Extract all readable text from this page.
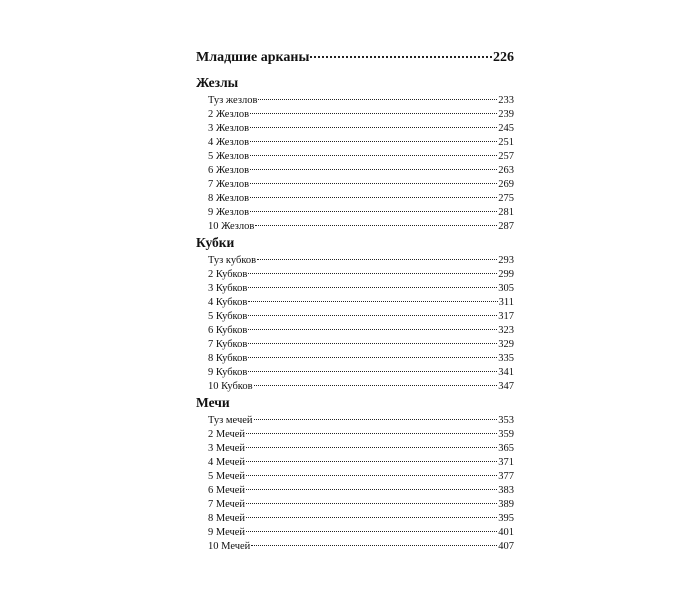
Младшие арканы	226
Жезлы
Туз жезлов	233
2 Жезлов	239
3 Жезлов	245
4 Жезлов	251
5 Жезлов	257
6 Жезлов	263
7 Жезлов	269
8 Жезлов	275
9 Жезлов	281
10 Жезлов	287
Кубки
Туз кубков	293
2 Кубков	299
3 Кубков	305
4 Кубков	311
5 Кубков	317
6 Кубков	323
7 Кубков	329
8 Кубков	335
9 Кубков	341
10 Кубков	347
Мечи
Туз мечей	353
2 Мечей	359
3 Мечей	365
4 Мечей	371
5 Мечей	377
6 Мечей	383
7 Мечей	389
8 Мечей	395
9 Мечей	401
10 Мечей	407
